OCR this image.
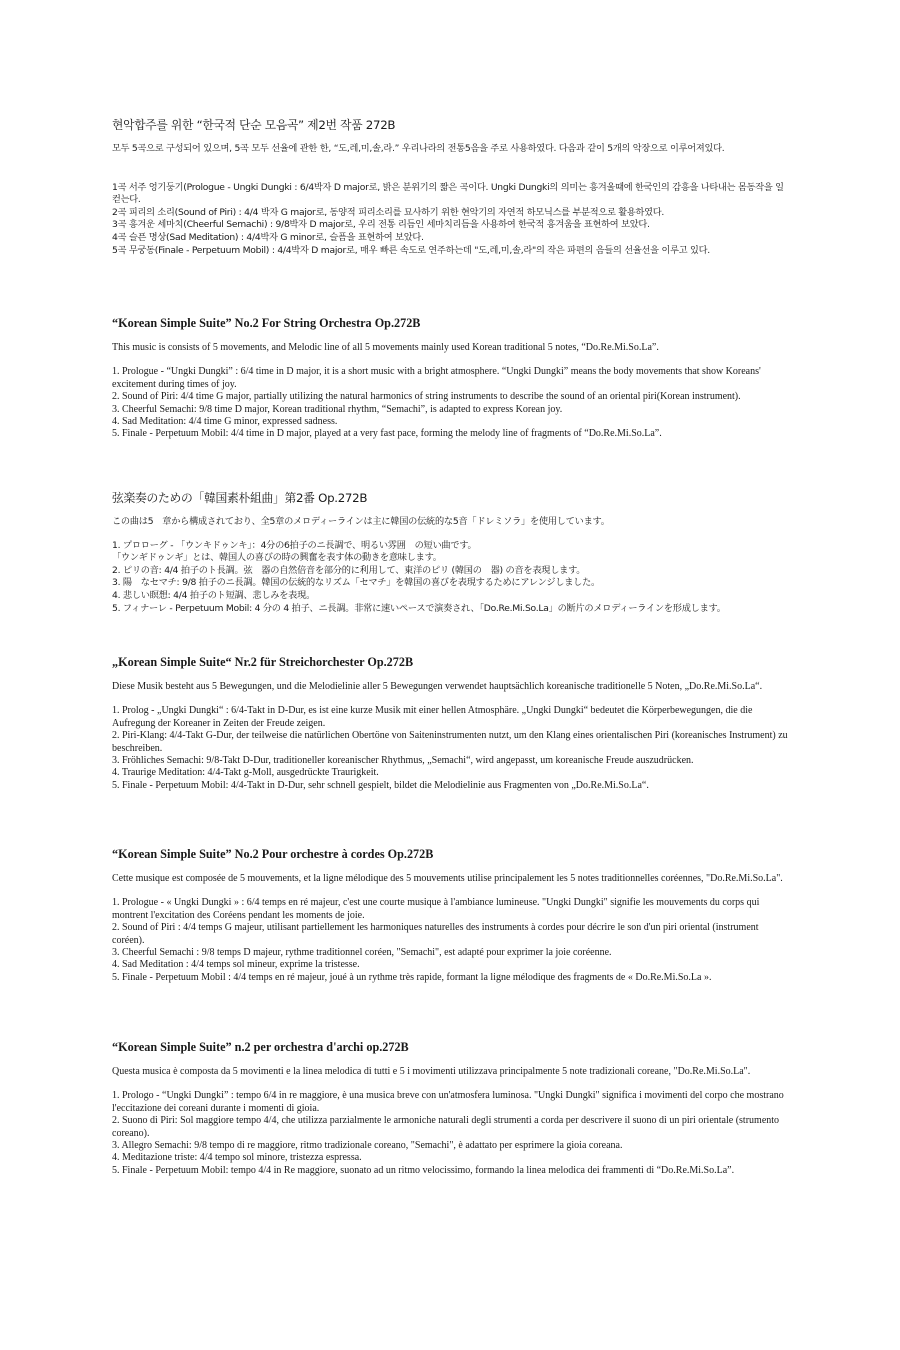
현악합주를 위한 “한국적 단순 모음곡” 제2번 작품 272B

모두 5곡으로 구성되어 있으며, 5곡 모두 선율에 관한 한, “도,레,미,솔,라.” 우리나라의 전통5음을 주로 사용하였다. 다음과 같이 5개의 악장으로 이루어져있다.

1곡 서주 엉기둥기(Prologue - Ungki Dungki : 6/4박자 D major로, 밝은 분위기의 짧은 곡이다. Ungki Dungki의 의미는 흥겨울때에 한국인의 감흥을 나타내는 몸동작을 일컫는다.
2곡 피리의 소리(Sound of Piri) : 4/4 박자 G major로, 동양적 피리소리를 묘사하기 위한 현악기의 자연적 하모닉스를 부분적으로 활용하였다.
3곡 흥겨운 세마치(Cheerful Semachi) : 9/8박자 D major로, 우리 전통 리듬인 세마치리듬을 사용하여 한국적 흥겨움을 표현하여 보았다.
4곡 슬픈 명상(Sad Meditation) : 4/4박자 G minor로, 슬픔을 표현하여 보았다.
5곡 무궁동(Finale - Perpetuum Mobil) : 4/4박자 D major로, 매우 빠른 속도로 연주하는데 "도,레,미,솔,라"의 작은 파편의 음들의 선율선을 이루고 있다.
“Korean Simple Suite” No.2 For String Orchestra Op.272B

This music is consists of 5 movements, and Melodic line of all 5 movements mainly used Korean traditional 5 notes, “Do.Re.Mi.So.La”.

1. Prologue - “Ungki Dungki” : 6/4 time in D major, it is a short music with a bright atmosphere. “Ungki Dungki” means the body movements that show Koreans' excitement during times of joy.
2. Sound of Piri: 4/4 time G major, partially utilizing the natural harmonics of string instruments to describe the sound of an oriental piri(Korean instrument).
3. Cheerful Semachi: 9/8 time D major, Korean traditional rhythm, “Semachi”, is adapted to express Korean joy.
4. Sad Meditation: 4/4 time G minor, expressed sadness.
5. Finale - Perpetuum Mobil: 4/4 time in D major, played at a very fast pace, forming the melody line of fragments of “Do.Re.Mi.So.La”.
弦楽奏のための「韓国素朴組曲」第2番 Op.272B

この曲は5　章から構成されており、全5章のメロディーラインは主に韓国の伝統的な5音「ドレミソラ」を使用しています。

1. プロローグ - 「ウンキドゥンキ」：4分の6拍子のニ長調で、明るい雰囲　の短い曲です。
「ウンギドゥンギ」とは、韓国人の喜びの時の興奮を表す体の動きを意味します。
2. ピリの音: 4/4 拍子のト長調。弦　器の自然倍音を部分的に利用して、東洋のピリ (韓国の　器) の音を表現します。
3. 陽　なセマチ: 9/8 拍子のニ長調。韓国の伝統的なリズム「セマチ」を韓国の喜びを表現するためにアレンジしました。
4. 悲しい瞑想: 4/4 拍子のト短調、悲しみを表現。
5. フィナーレ - Perpetuum Mobil: 4 分の 4 拍子、ニ長調。非常に速いペースで演奏され、「Do.Re.Mi.So.La」の断片のメロディーラインを形成します。
„Korean Simple Suite“ Nr.2 für Streichorchester Op.272B

Diese Musik besteht aus 5 Bewegungen, und die Melodielinie aller 5 Bewegungen verwendet hauptsächlich koreanische traditionelle 5 Noten, „Do.Re.Mi.So.La“.

1. Prolog - „Ungki Dungki“ : 6/4-Takt in D-Dur, es ist eine kurze Musik mit einer hellen Atmosphäre. „Ungki Dungki“ bedeutet die Körperbewegungen, die die Aufregung der Koreaner in Zeiten der Freude zeigen.
2. Piri-Klang: 4/4-Takt G-Dur, der teilweise die natürlichen Obertöne von Saiteninstrumenten nutzt, um den Klang eines orientalischen Piri (koreanisches Instrument) zu beschreiben.
3. Fröhliches Semachi: 9/8-Takt D-Dur, traditioneller koreanischer Rhythmus, „Semachi“, wird angepasst, um koreanische Freude auszudrücken.
4. Traurige Meditation: 4/4-Takt g-Moll, ausgedrückte Traurigkeit.
5. Finale - Perpetuum Mobil: 4/4-Takt in D-Dur, sehr schnell gespielt, bildet die Melodielinie aus Fragmenten von „Do.Re.Mi.So.La“.
“Korean Simple Suite” No.2 Pour orchestre à cordes Op.272B

Cette musique est composée de 5 mouvements, et la ligne mélodique des 5 mouvements utilise principalement les 5 notes traditionnelles coréennes, "Do.Re.Mi.So.La".

1. Prologue - « Ungki Dungki » : 6/4 temps en ré majeur, c'est une courte musique à l'ambiance lumineuse. "Ungki Dungki" signifie les mouvements du corps qui montrent l'excitation des Coréens pendant les moments de joie.
2. Sound of Piri : 4/4 temps G majeur, utilisant partiellement les harmoniques naturelles des instruments à cordes pour décrire le son d'un piri oriental (instrument coréen).
3. Cheerful Semachi : 9/8 temps D majeur, rythme traditionnel coréen, "Semachi", est adapté pour exprimer la joie coréenne.
4. Sad Meditation : 4/4 temps sol mineur, exprime la tristesse.
5. Finale - Perpetuum Mobil : 4/4 temps en ré majeur, joué à un rythme très rapide, formant la ligne mélodique des fragments de « Do.Re.Mi.So.La ».
“Korean Simple Suite” n.2 per orchestra d'archi op.272B

Questa musica è composta da 5 movimenti e la linea melodica di tutti e 5 i movimenti utilizzava principalmente 5 note tradizionali coreane, "Do.Re.Mi.So.La".

1. Prologo - “Ungki Dungki” : tempo 6/4 in re maggiore, è una musica breve con un'atmosfera luminosa. "Ungki Dungki" significa i movimenti del corpo che mostrano l'eccitazione dei coreani durante i momenti di gioia.
2. Suono di Piri: Sol maggiore tempo 4/4, che utilizza parzialmente le armoniche naturali degli strumenti a corda per descrivere il suono di un piri orientale (strumento coreano).
3. Allegro Semachi: 9/8 tempo di re maggiore, ritmo tradizionale coreano, "Semachi", è adattato per esprimere la gioia coreana.
4. Meditazione triste: 4/4 tempo sol minore, tristezza espressa.
5. Finale - Perpetuum Mobil: tempo 4/4 in Re maggiore, suonato ad un ritmo velocissimo, formando la linea melodica dei frammenti di “Do.Re.Mi.So.La”.
